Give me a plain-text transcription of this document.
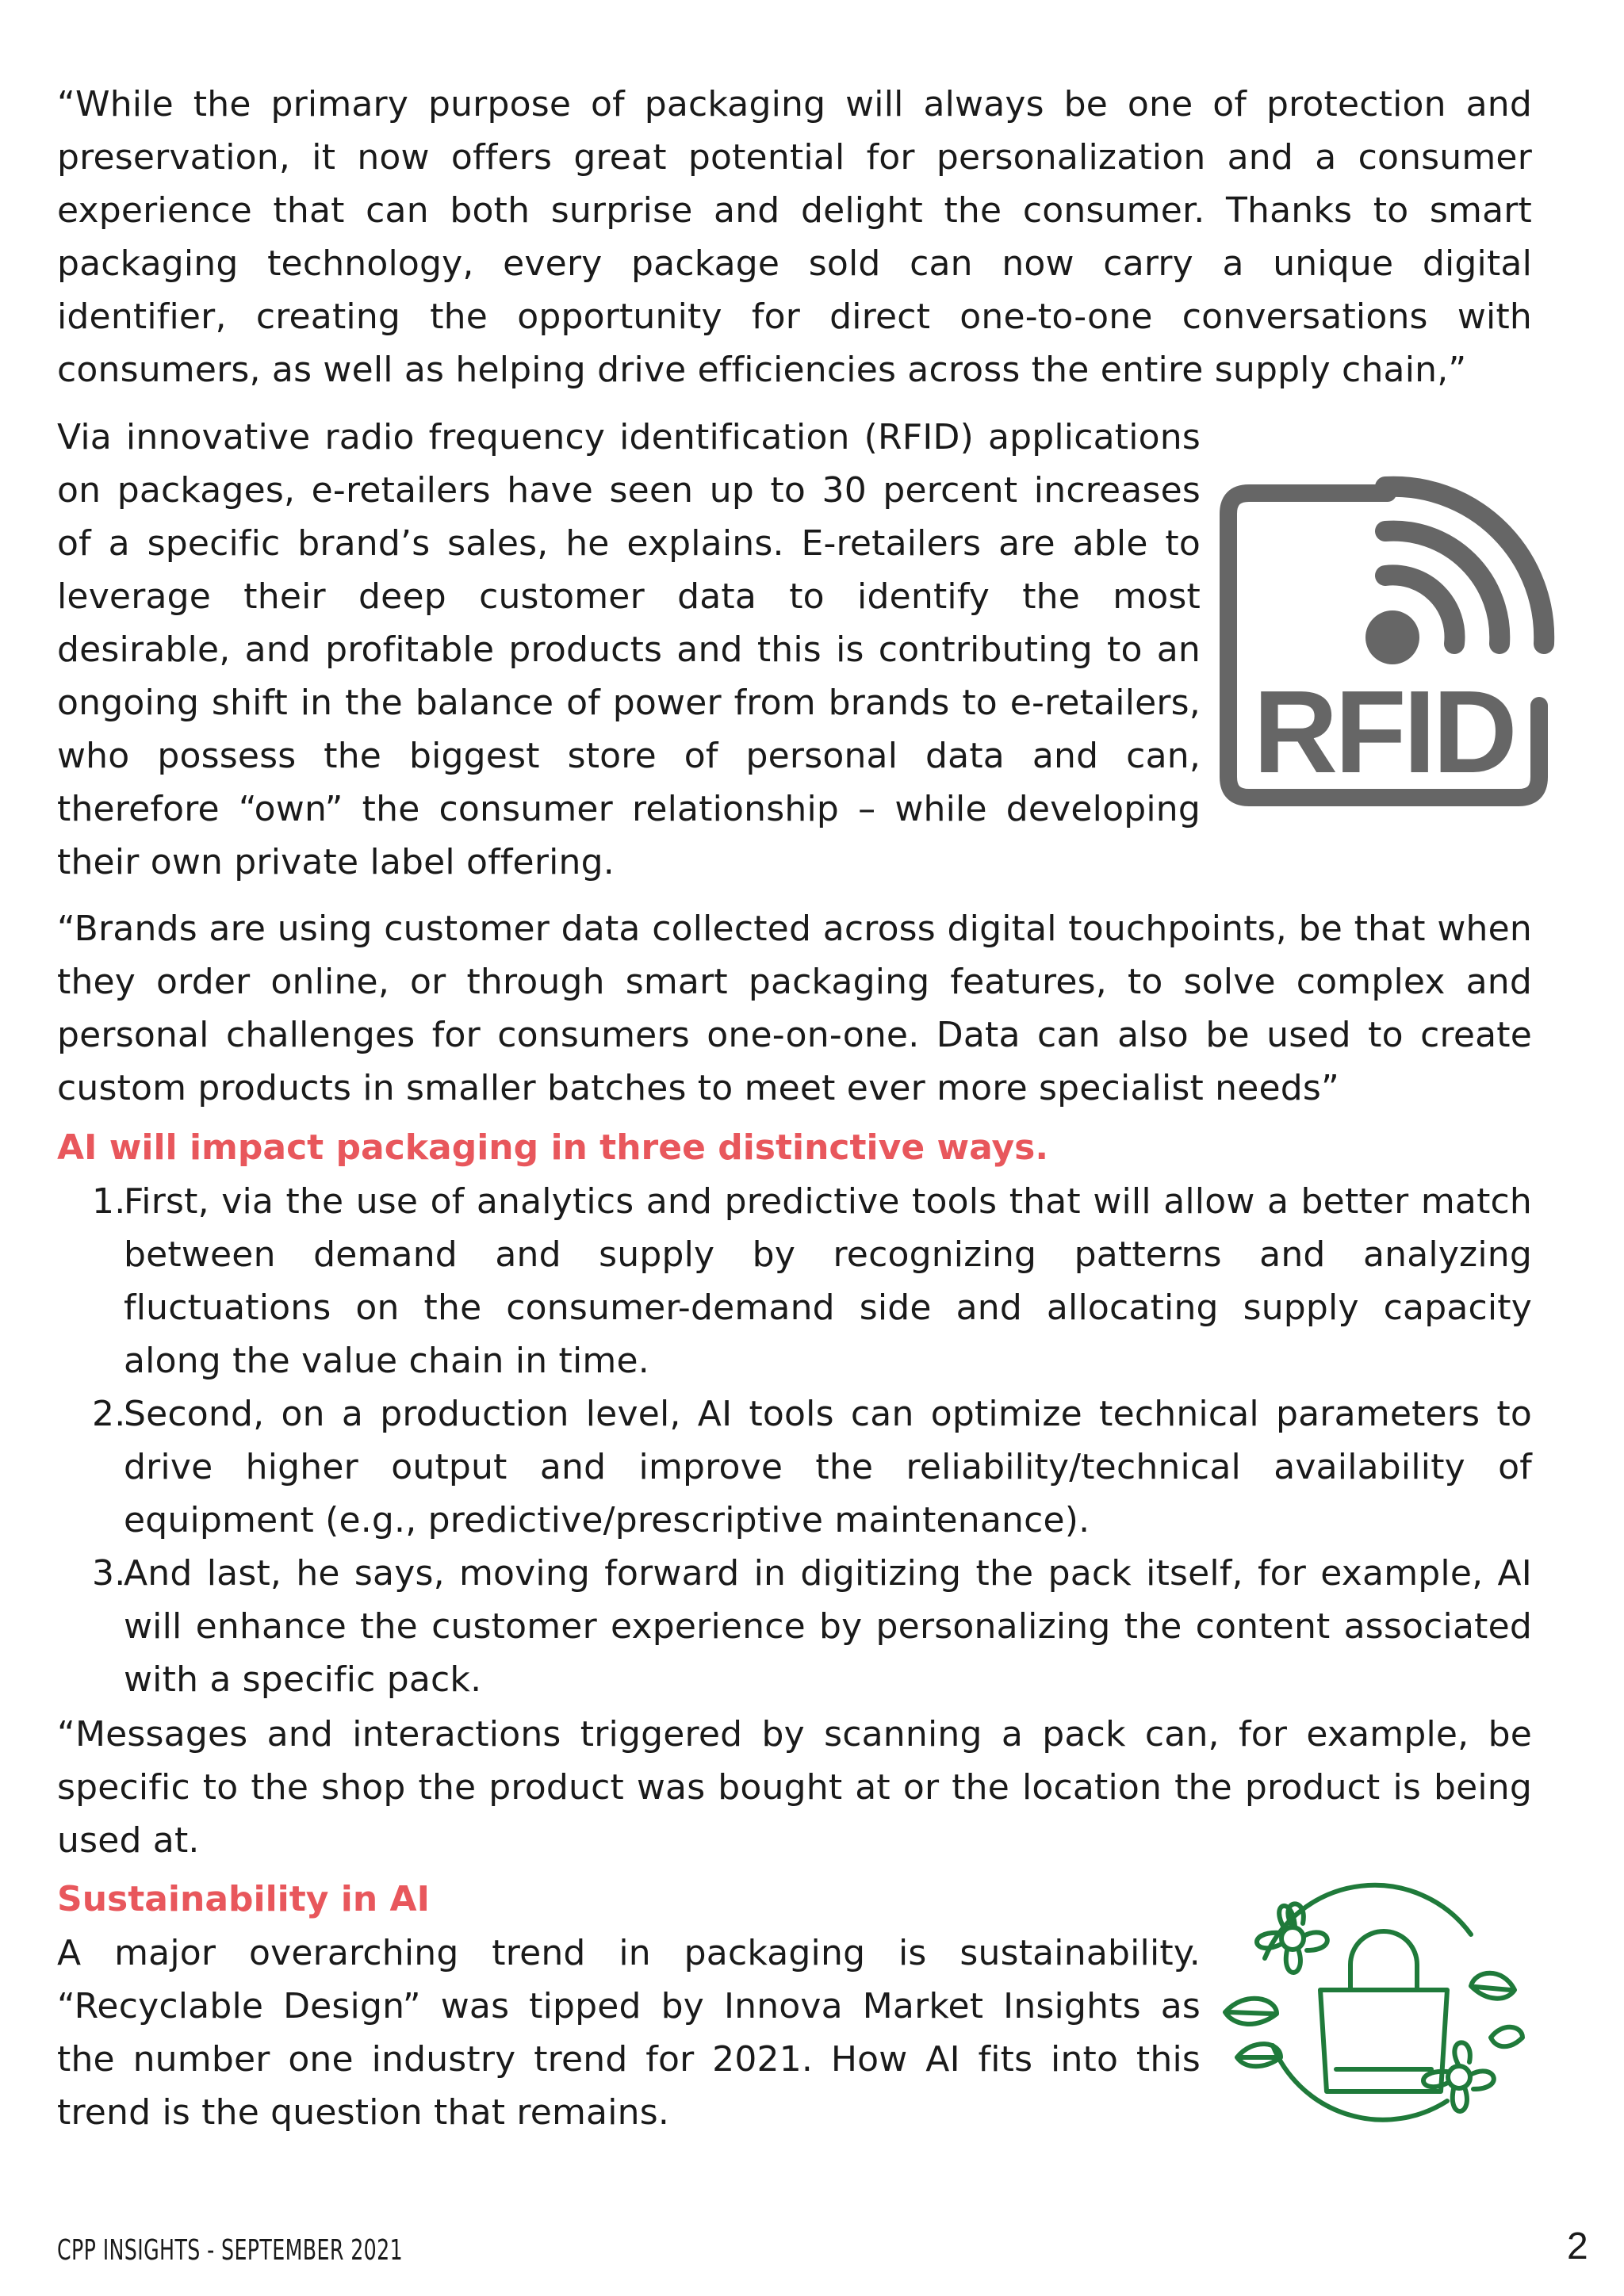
“While the primary purpose of packaging will always be one of protection and preservation, it now offers great potential for personalization and a consumer experience that can both surprise and delight the consumer. Thanks to smart packaging technology, every package sold can now carry a unique digital identifier, creating the opportunity for direct one-to-one conversations with consumers, as well as helping drive efficiencies across the entire supply chain,”

Via innovative radio frequency identification (RFID) applications on packages, e-retailers have seen up to 30 percent increases of a specific brand’s sales, he explains. E-retailers are able to leverage their deep customer data to identify the most desirable, and profitable products and this is contributing to an ongoing shift in the balance of power from brands to e-retailers, who possess the biggest store of personal data and can, therefore “own” the consumer relationship – while developing their own private label offering.

RFID

“Brands are using customer data collected across digital touchpoints, be that when they order online, or through smart packaging features, to solve complex and personal challenges for consumers one-on-one. Data can also be used to create custom products in smaller batches to meet ever more specialist needs”

AI will impact packaging in three distinctive ways.
1.
First, via the use of analytics and predictive tools that will allow a better match between demand and supply by recognizing patterns and analyzing fluctuations on the consumer-demand side and allocating supply capacity along the value chain in time.
2.
Second, on a production level, AI tools can optimize technical parameters to drive higher output and improve the reliability/technical availability of equipment (e.g., predictive/prescriptive maintenance).
3.
And last, he says, moving forward in digitizing the pack itself, for example, AI will enhance the customer experience by personalizing the content associated with a specific pack.

“Messages and interactions triggered by scanning a pack can, for example, be specific to the shop the product was bought at or the location the product is being used at.

Sustainability in AI

A major overarching trend in packaging is sustainability. “Recyclable Design” was tipped by Innova Market Insights as the number one industry trend for 2021. How AI fits into this trend is the question that remains.

CPP INSIGHTS - SEPTEMBER 2021	2
